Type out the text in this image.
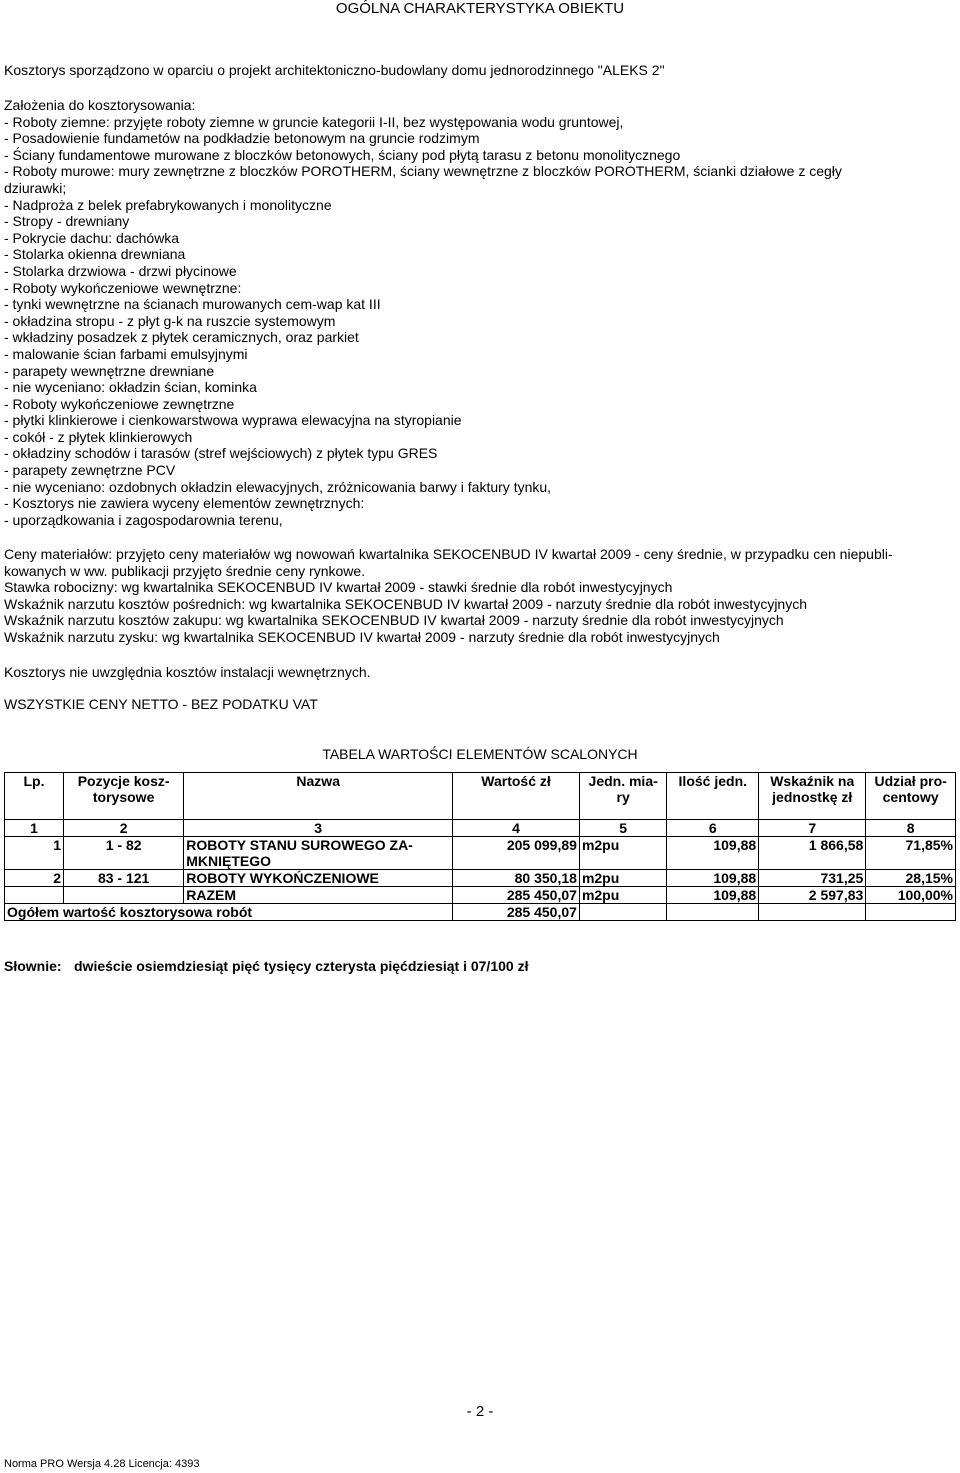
OGÓLNA CHARAKTERYSTYKA OBIEKTU
Kosztorys sporządzono w oparciu o projekt architektoniczno-budowlany domu jednorodzinnego "ALEKS 2"
Założenia do kosztorysowania:
- Roboty ziemne: przyjęte roboty ziemne w gruncie kategorii I-II, bez występowania wodu gruntowej,
- Posadowienie fundametów na podkładzie betonowym na gruncie rodzimym
- Ściany fundamentowe murowane z bloczków betonowych, ściany pod płytą tarasu z betonu monolitycznego
- Roboty murowe: mury zewnętrzne z bloczków POROTHERM, ściany wewnętrzne z bloczków POROTHERM, ścianki działowe z cegły
dziurawki;
- Nadproża z belek prefabrykowanych i monolityczne
- Stropy - drewniany
- Pokrycie dachu: dachówka
- Stolarka okienna drewniana
- Stolarka drzwiowa - drzwi płycinowe
- Roboty wykończeniowe wewnętrzne:
- tynki wewnętrzne na ścianach murowanych cem-wap kat III
- okładzina stropu - z płyt g-k na ruszcie systemowym
- wkładziny posadzek z płytek ceramicznych, oraz parkiet
- malowanie ścian farbami emulsyjnymi
- parapety wewnętrzne drewniane
- nie wyceniano: okładzin ścian, kominka
- Roboty wykończeniowe zewnętrzne
- płytki klinkierowe i cienkowarstwowa wyprawa elewacyjna na styropianie
- cokół - z płytek klinkierowych
- okładziny schodów i tarasów (stref wejściowych) z płytek typu GRES
- parapety zewnętrzne PCV
- nie wyceniano: ozdobnych okładzin elewacyjnych, zróżnicowania barwy i faktury tynku,
- Kosztorys nie zawiera wyceny elementów zewnętrznych:
- uporządkowania i zagospodarownia terenu,
Ceny materiałów: przyjęto ceny materiałów wg nowowań kwartalnika SEKOCENBUD IV kwartał 2009 - ceny średnie, w przypadku cen niepubli-
kowanych w ww. publikacji przyjęto średnie ceny rynkowe.
Stawka robocizny: wg kwartalnika SEKOCENBUD IV kwartał 2009 - stawki średnie dla robót inwestycyjnych
Wskaźnik narzutu kosztów pośrednich: wg kwartalnika SEKOCENBUD IV kwartał 2009 - narzuty średnie dla robót inwestycyjnych
Wskaźnik narzutu kosztów zakupu: wg kwartalnika SEKOCENBUD IV kwartał 2009 - narzuty średnie dla robót inwestycyjnych
Wskaźnik narzutu zysku: wg kwartalnika SEKOCENBUD IV kwartał 2009 - narzuty średnie dla robót inwestycyjnych
Kosztorys nie uwzględnia kosztów instalacji wewnętrznych.
WSZYSTKIE CENY NETTO - BEZ PODATKU VAT
TABELA WARTOŚCI ELEMENTÓW SCALONYCH
Lp.	Pozycje kosz-torysowe	Nazwa	Wartość zł	Jedn. mia-ry	Ilość jedn.	Wskaźnik na jednostkę zł	Udział pro-centowy
1	2	3	4	5	6	7	8
1	1 - 82	ROBOTY STANU SUROWEGO ZA-MKNIĘTEGO	205 099,89	m2pu	109,88	1 866,58	71,85%
2	83 - 121	ROBOTY WYKOŃCZENIOWE	80 350,18	m2pu	109,88	731,25	28,15%
		RAZEM	285 450,07	m2pu	109,88	2 597,83	100,00%
Ogółem wartość kosztorysowa robót			285 450,07				
Słownie: dwieście osiemdziesiąt pięć tysięcy czterysta pięćdziesiąt i 07/100 zł
- 2 -
Norma PRO Wersja 4.28 Licencja: 4393
